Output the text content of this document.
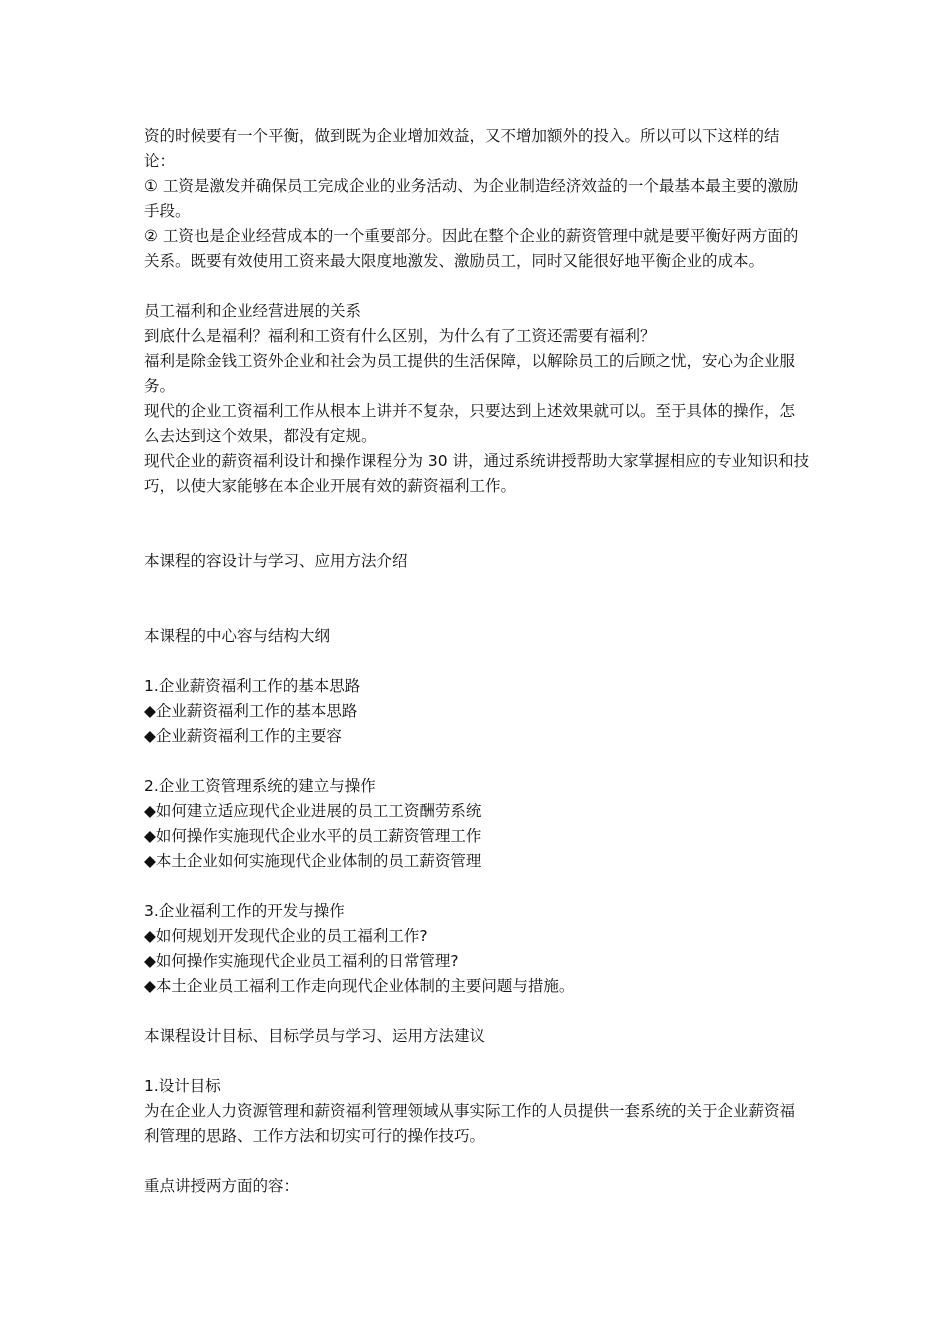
资的时候要有一个平衡，做到既为企业增加效益，又不增加额外的投入。所以可以下这样的结论：
① 工资是激发并确保员工完成企业的业务活动、为企业制造经济效益的一个最基本最主要的激励手段。
② 工资也是企业经营成本的一个重要部分。因此在整个企业的薪资管理中就是要平衡好两方面的关系。既要有效使用工资来最大限度地激发、激励员工，同时又能很好地平衡企业的成本。
员工福利和企业经营进展的关系
到底什么是福利？福利和工资有什么区别，为什么有了工资还需要有福利？
福利是除金钱工资外企业和社会为员工提供的生活保障，以解除员工的后顾之忧，安心为企业服务。
现代的企业工资福利工作从根本上讲并不复杂，只要达到上述效果就可以。至于具体的操作，怎么去达到这个效果，都没有定规。
现代企业的薪资福利设计和操作课程分为 30 讲，通过系统讲授帮助大家掌握相应的专业知识和技巧，以使大家能够在本企业开展有效的薪资福利工作。
本课程的容设计与学习、应用方法介绍
本课程的中心容与结构大纲
1.企业薪资福利工作的基本思路
◆企业薪资福利工作的基本思路
◆企业薪资福利工作的主要容
2.企业工资管理系统的建立与操作
◆如何建立适应现代企业进展的员工工资酬劳系统
◆如何操作实施现代企业水平的员工薪资管理工作
◆本土企业如何实施现代企业体制的员工薪资管理
3.企业福利工作的开发与操作
◆如何规划开发现代企业的员工福利工作?
◆如何操作实施现代企业员工福利的日常管理?
◆本土企业员工福利工作走向现代企业体制的主要问题与措施。
本课程设计目标、目标学员与学习、运用方法建议
1.设计目标
为在企业人力资源管理和薪资福利管理领域从事实际工作的人员提供一套系统的关于企业薪资福利管理的思路、工作方法和切实可行的操作技巧。
重点讲授两方面的容：
